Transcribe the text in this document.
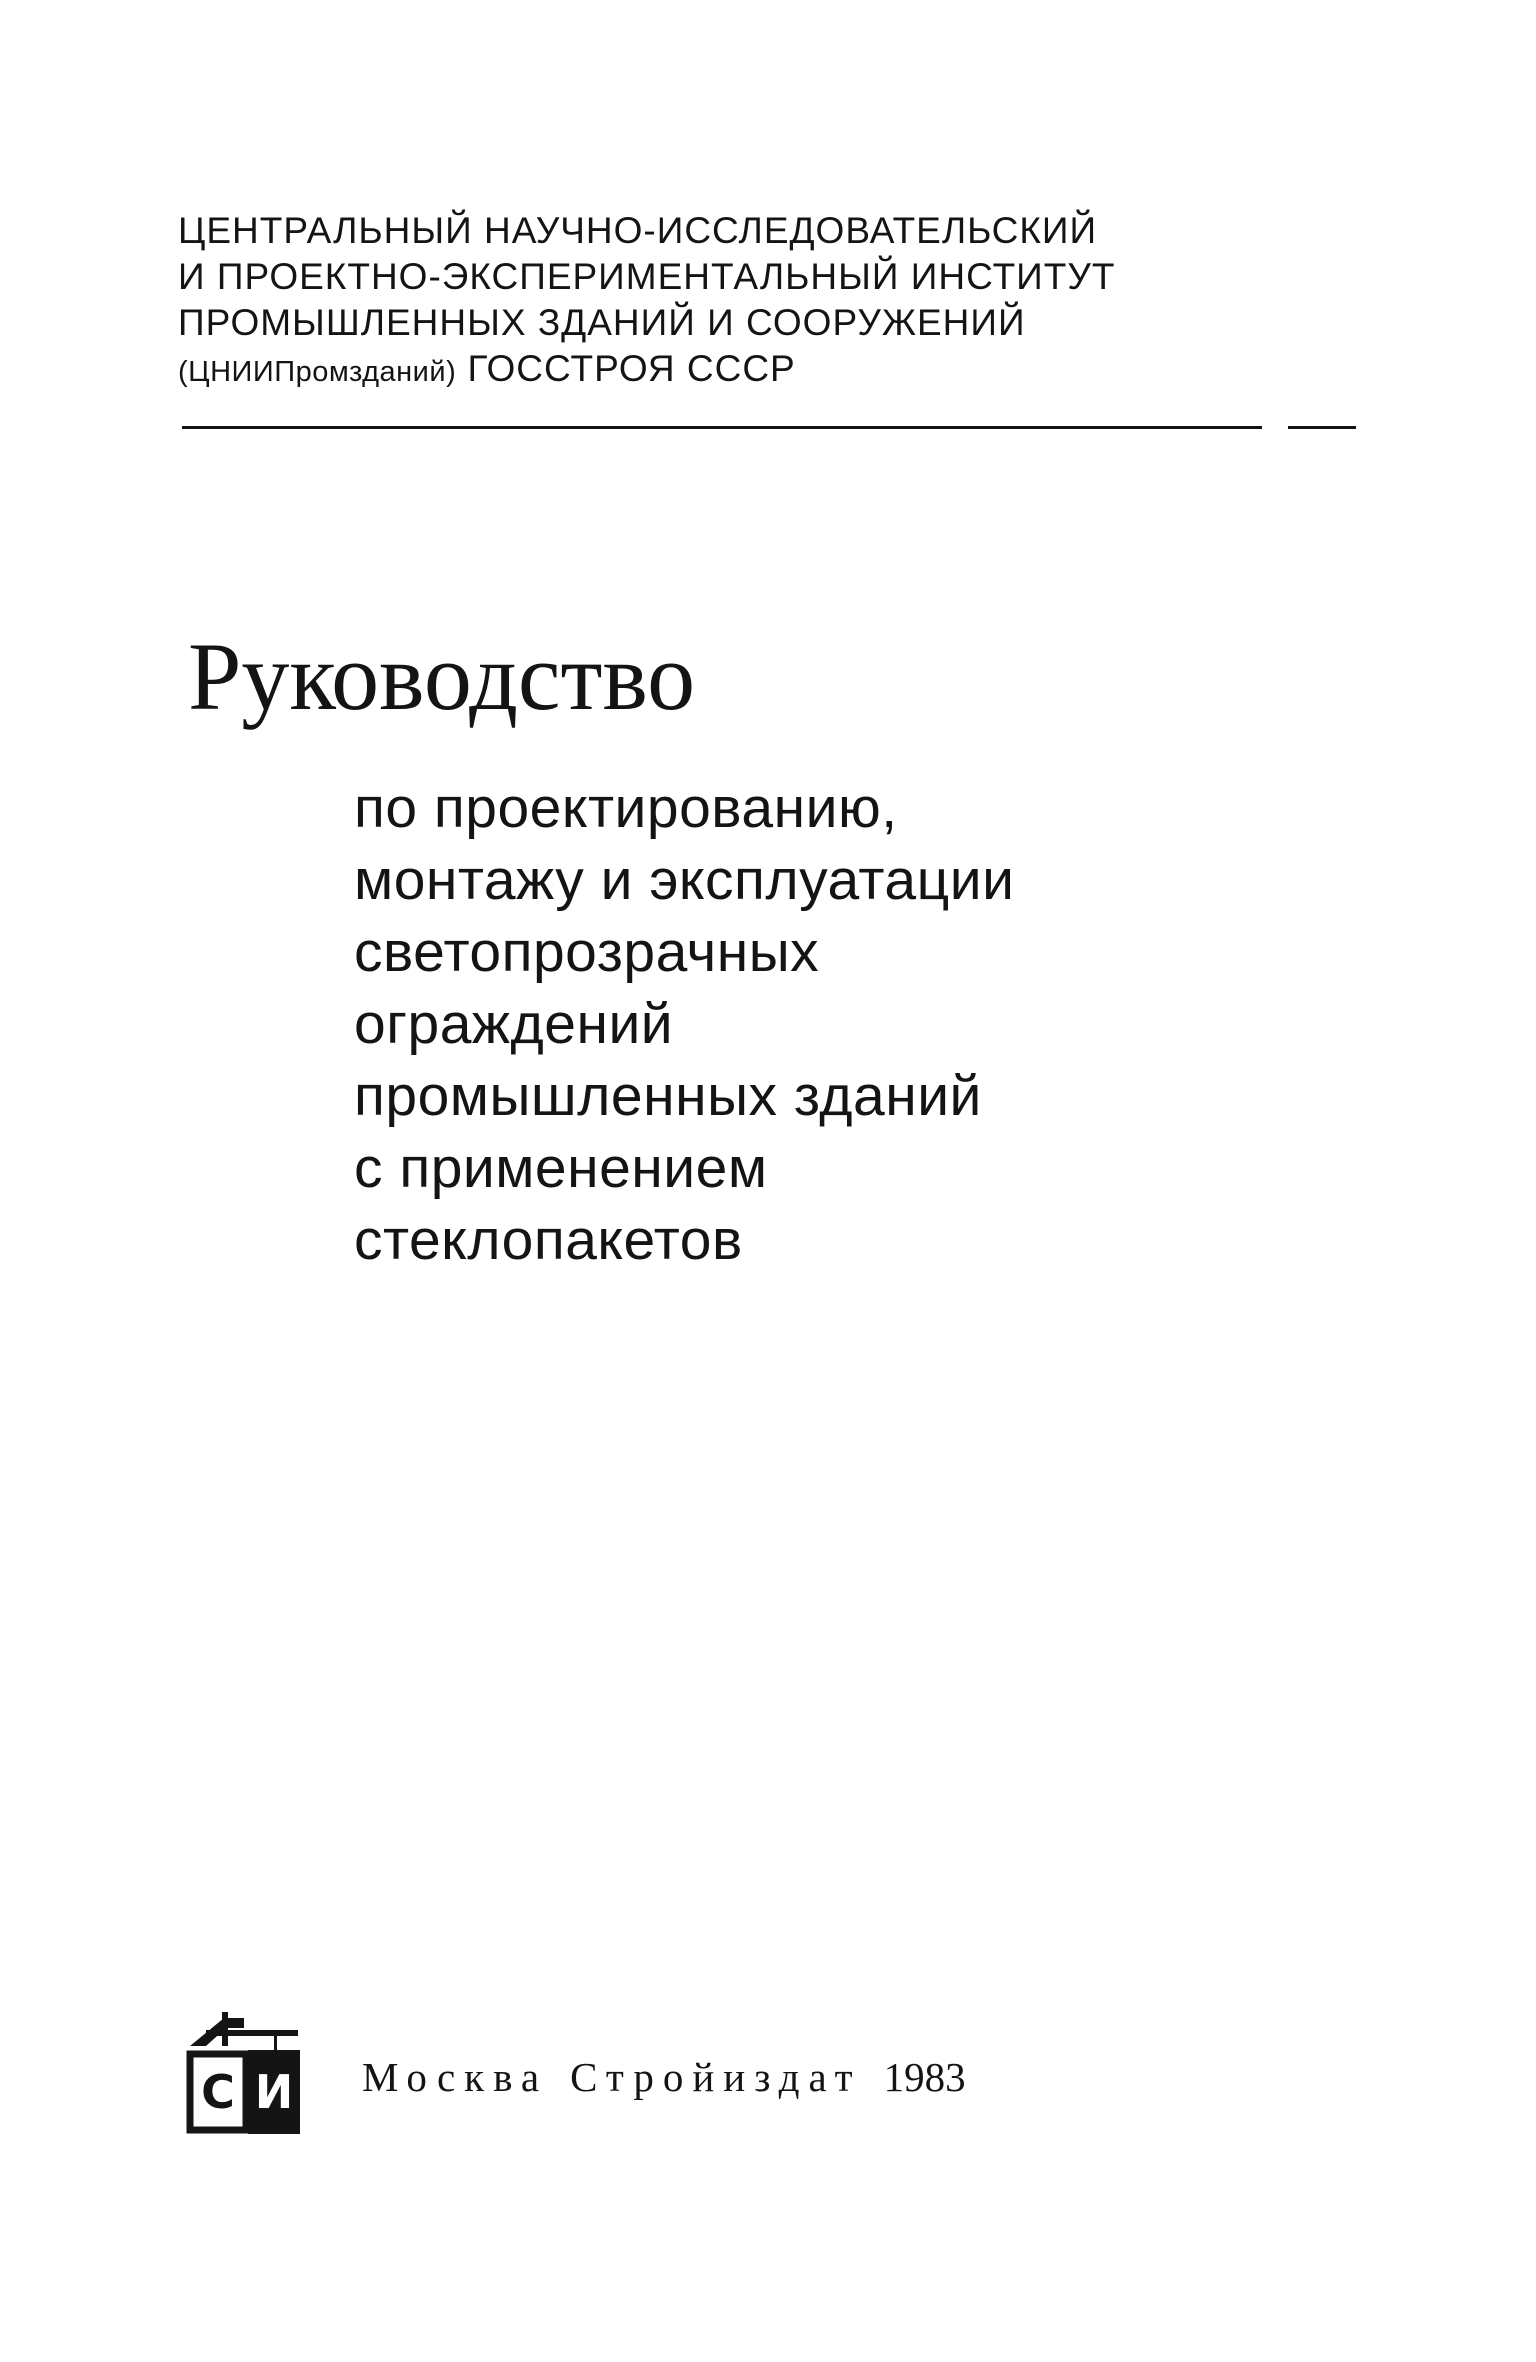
ЦЕНТРАЛЬНЫЙ НАУЧНО-ИССЛЕДОВАТЕЛЬСКИЙ
И ПРОЕКТНО-ЭКСПЕРИМЕНТАЛЬНЫЙ ИНСТИТУТ
ПРОМЫШЛЕННЫХ ЗДАНИЙ И СООРУЖЕНИЙ
(ЦНИИПромзданий) ГОССТРОЯ СССР
Руководство
по проектированию,
монтажу и эксплуатации
светопрозрачных
ограждений
промышленных зданий
с применением
стеклопакетов
С И Москва Стройиздат 1983
